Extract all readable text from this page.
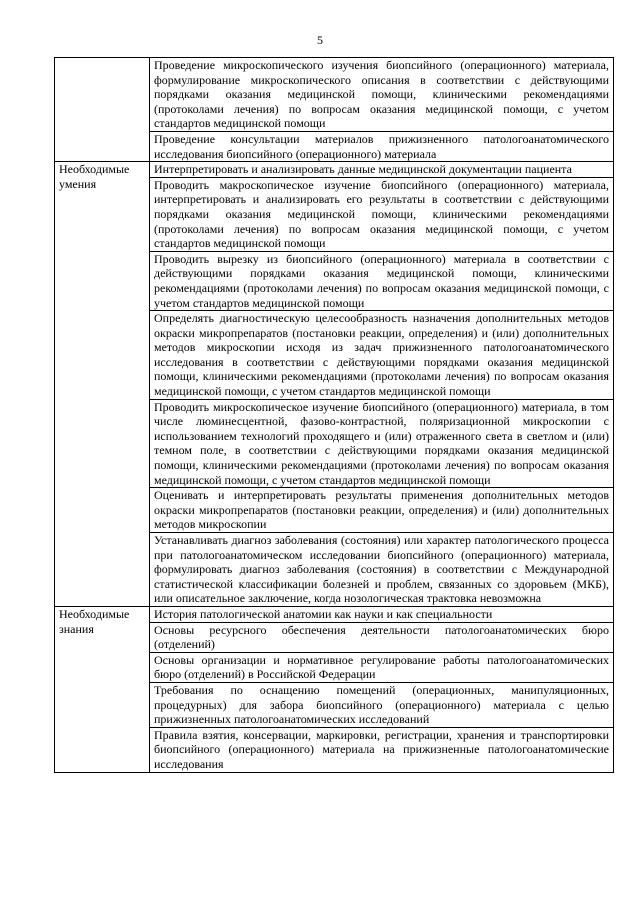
5
	Проведение микроскопического изучения биопсийного (операционного) материала, формулирование микроскопического описания в соответствии с действующими порядками оказания медицинской помощи, клиническими рекомендациями (протоколами лечения) по вопросам оказания медицинской помощи, с учетом стандартов медицинской помощи
	Проведение консультации материалов прижизненного патологоанатомического исследования биопсийного (операционного) материала
Необходимые умения	Интерпретировать и анализировать данные медицинской документации пациента
	Проводить макроскопическое изучение биопсийного (операционного) материала, интерпретировать и анализировать его результаты в соответствии с действующими порядками оказания медицинской помощи, клиническими рекомендациями (протоколами лечения) по вопросам оказания медицинской помощи, с учетом стандартов медицинской помощи
	Проводить вырезку из биопсийного (операционного) материала в соответствии с действующими порядками оказания медицинской помощи, клиническими рекомендациями (протоколами лечения) по вопросам оказания медицинской помощи, с учетом стандартов медицинской помощи
	Определять диагностическую целесообразность назначения дополнительных методов окраски микропрепаратов (постановки реакции, определения) и (или) дополнительных методов микроскопии исходя из задач прижизненного патологоанатомического исследования в соответствии с действующими порядками оказания медицинской помощи, клиническими рекомендациями (протоколами лечения) по вопросам оказания медицинской помощи, с учетом стандартов медицинской помощи
	Проводить микроскопическое изучение биопсийного (операционного) материала, в том числе люминесцентной, фазово-контрастной, поляризационной микроскопии с использованием технологий проходящего и (или) отраженного света в светлом и (или) темном поле, в соответствии с действующими порядками оказания медицинской помощи, клиническими рекомендациями (протоколами лечения) по вопросам оказания медицинской помощи, с учетом стандартов медицинской помощи
	Оценивать и интерпретировать результаты применения дополнительных методов окраски микропрепаратов (постановки реакции, определения) и (или) дополнительных методов микроскопии
	Устанавливать диагноз заболевания (состояния) или характер патологического процесса при патологоанатомическом исследовании биопсийного (операционного) материала, формулировать диагноз заболевания (состояния) в соответствии с Международной статистической классификации болезней и проблем, связанных со здоровьем (МКБ), или описательное заключение, когда нозологическая трактовка невозможна
Необходимые знания	История патологической анатомии как науки и как специальности
	Основы ресурсного обеспечения деятельности патологоанатомических бюро (отделений)
	Основы организации и нормативное регулирование работы патологоанатомических бюро (отделений) в Российской Федерации
	Требования по оснащению помещений (операционных, манипуляционных, процедурных) для забора биопсийного (операционного) материала с целью прижизненных патологоанатомических исследований
	Правила взятия, консервации, маркировки, регистрации, хранения и транспортировки биопсийного (операционного) материала на прижизненные патологоанатомические исследования
